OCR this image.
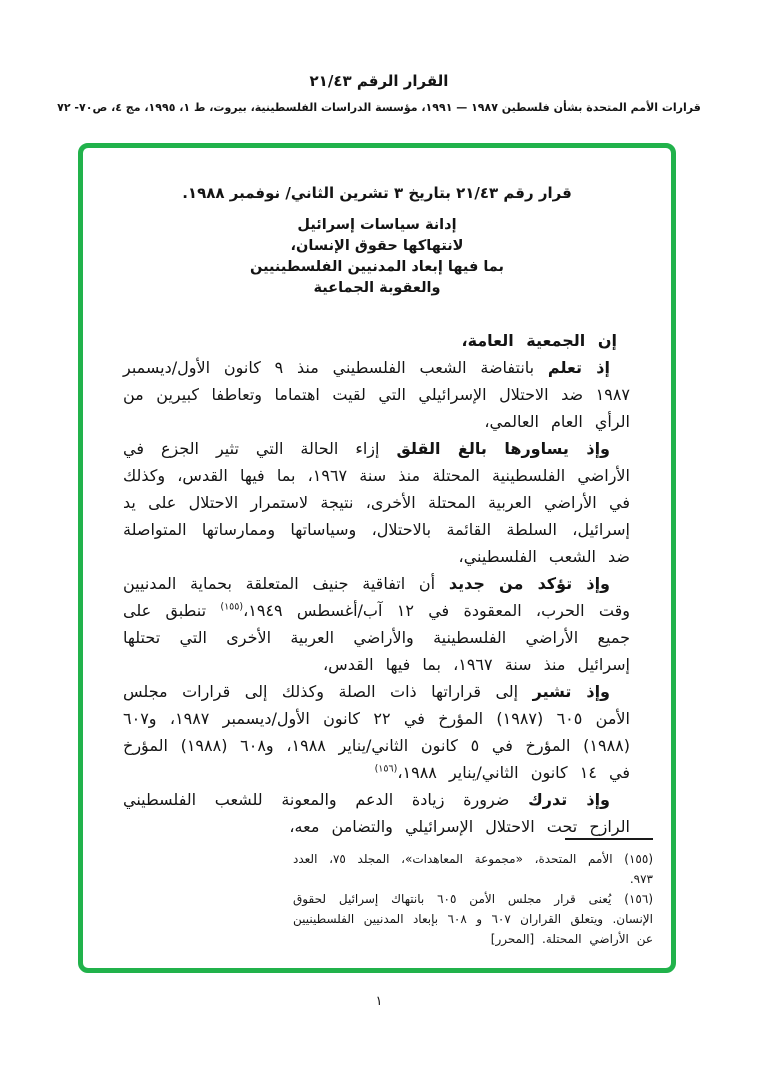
القرار الرقم ٢١/٤٣
قرارات الأمم المتحدة بشأن فلسطين ١٩٨٧ — ١٩٩١، مؤسسة الدراسات الفلسطينية، بيروت، ط ١، ١٩٩٥، مج ٤، ص٧٠- ٧٢
قرار رقم ٢١/٤٣ بتاريخ ٣ تشرين الثاني/ نوفمبر ١٩٨٨.

إدانة سياسات إسرائيل

لانتهاكها حقوق الإنسان،

بما فيها إبعاد المدنيين الفلسطينيين

والعقوبة الجماعية

إن الجمعية العامة،

إذ تعلم بانتفاضة الشعب الفلسطيني منذ ٩ كانون الأول/ديسمبر ١٩٨٧ ضد الاحتلال الإسرائيلي التي لقيت اهتماما وتعاطفا كبيرين من الرأي العام العالمي،

وإذ يساورها بالغ القلق إزاء الحالة التي تثير الجزع في الأراضي الفلسطينية المحتلة منذ سنة ١٩٦٧، بما فيها القدس، وكذلك في الأراضي العربية المحتلة الأخرى، نتيجة لاستمرار الاحتلال على يد إسرائيل، السلطة القائمة بالاحتلال، وسياساتها وممارساتها المتواصلة ضد الشعب الفلسطيني،

وإذ تؤكد من جديد أن اتفاقية جنيف المتعلقة بحماية المدنيين وقت الحرب، المعقودة في ١٢ آب/أغسطس ١٩٤٩،$^{(١٥٥)}$ تنطبق على جميع الأراضي الفلسطينية والأراضي العربية الأخرى التي تحتلها إسرائيل منذ سنة ١٩٦٧، بما فيها القدس،

وإذ تشير إلى قراراتها ذات الصلة وكذلك إلى قرارات مجلس الأمن ٦٠٥ (١٩٨٧) المؤرخ في ٢٢ كانون الأول/ديسمبر ١٩٨٧، و٦٠٧ (١٩٨٨) المؤرخ في ٥ كانون الثاني/يناير ١٩٨٨، و٦٠٨ (١٩٨٨) المؤرخ في ١٤ كانون الثاني/يناير ١٩٨٨،$^{(١٥٦)}$

وإذ تدرك ضرورة زيادة الدعم والمعونة للشعب الفلسطيني الرازح تحت الاحتلال الإسرائيلي والتضامن معه،

(١٥٥) الأمم المتحدة، «مجموعة المعاهدات»، المجلد ٧٥، العدد ٩٧٣.

(١٥٦) يُعنى قرار مجلس الأمن ٦٠٥ بانتهاك إسرائيل لحقوق الإنسان. ويتعلق القراران ٦٠٧ و ٦٠٨ بإبعاد المدنيين الفلسطينيين عن الأراضي المحتلة. [المحرر]

١
